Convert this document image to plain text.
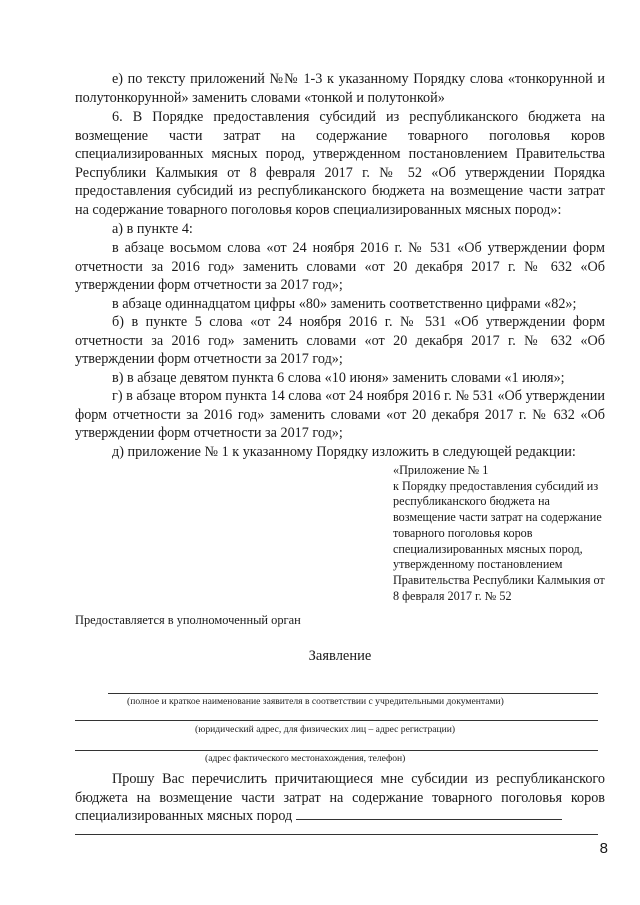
е) по тексту приложений №№ 1-3 к указанному Порядку слова «тонкорунной и полутонкорунной» заменить словами «тонкой и полутонкой»
6. В Порядке предоставления субсидий из республиканского бюджета на возмещение части затрат на содержание товарного поголовья коров специализированных мясных пород, утвержденном постановлением Правительства Республики Калмыкия от 8 февраля 2017 г. № 52 «Об утверждении Порядка предоставления субсидий из республиканского бюджета на возмещение части затрат на содержание товарного поголовья коров специализированных мясных пород»:
а) в пункте 4:
в абзаце восьмом слова «от 24 ноября 2016 г. № 531 «Об утверждении форм отчетности за 2016 год» заменить словами «от 20 декабря 2017 г. № 632 «Об утверждении форм отчетности за 2017 год»;
в абзаце одиннадцатом цифры «80» заменить соответственно цифрами «82»;
б) в пункте 5 слова «от 24 ноября 2016 г. № 531 «Об утверждении форм отчетности за 2016 год» заменить словами «от 20 декабря 2017 г. № 632 «Об утверждении форм отчетности за 2017 год»;
в) в абзаце девятом пункта 6 слова «10 июня» заменить словами «1 июля»;
г) в абзаце втором пункта 14 слова «от 24 ноября 2016 г. № 531 «Об утверждении форм отчетности за 2016 год» заменить словами «от 20 декабря 2017 г. № 632 «Об утверждении форм отчетности за 2017 год»;
д) приложение № 1 к указанному Порядку изложить в следующей редакции:
«Приложение № 1
к Порядку предоставления субсидий из республиканского бюджета на возмещение части затрат на содержание товарного поголовья коров специализированных мясных пород, утвержденному постановлением Правительства Республики Калмыкия от 8 февраля 2017 г. № 52
Предоставляется в уполномоченный орган
Заявление
(полное и краткое наименование заявителя в соответствии с учредительными документами)
(юридический адрес, для физических лиц – адрес регистрации)
(адрес фактического местонахождения, телефон)
Прошу Вас перечислить причитающиеся мне субсидии из республиканского бюджета на возмещение части затрат на содержание товарного поголовья коров специализированных мясных пород
8
